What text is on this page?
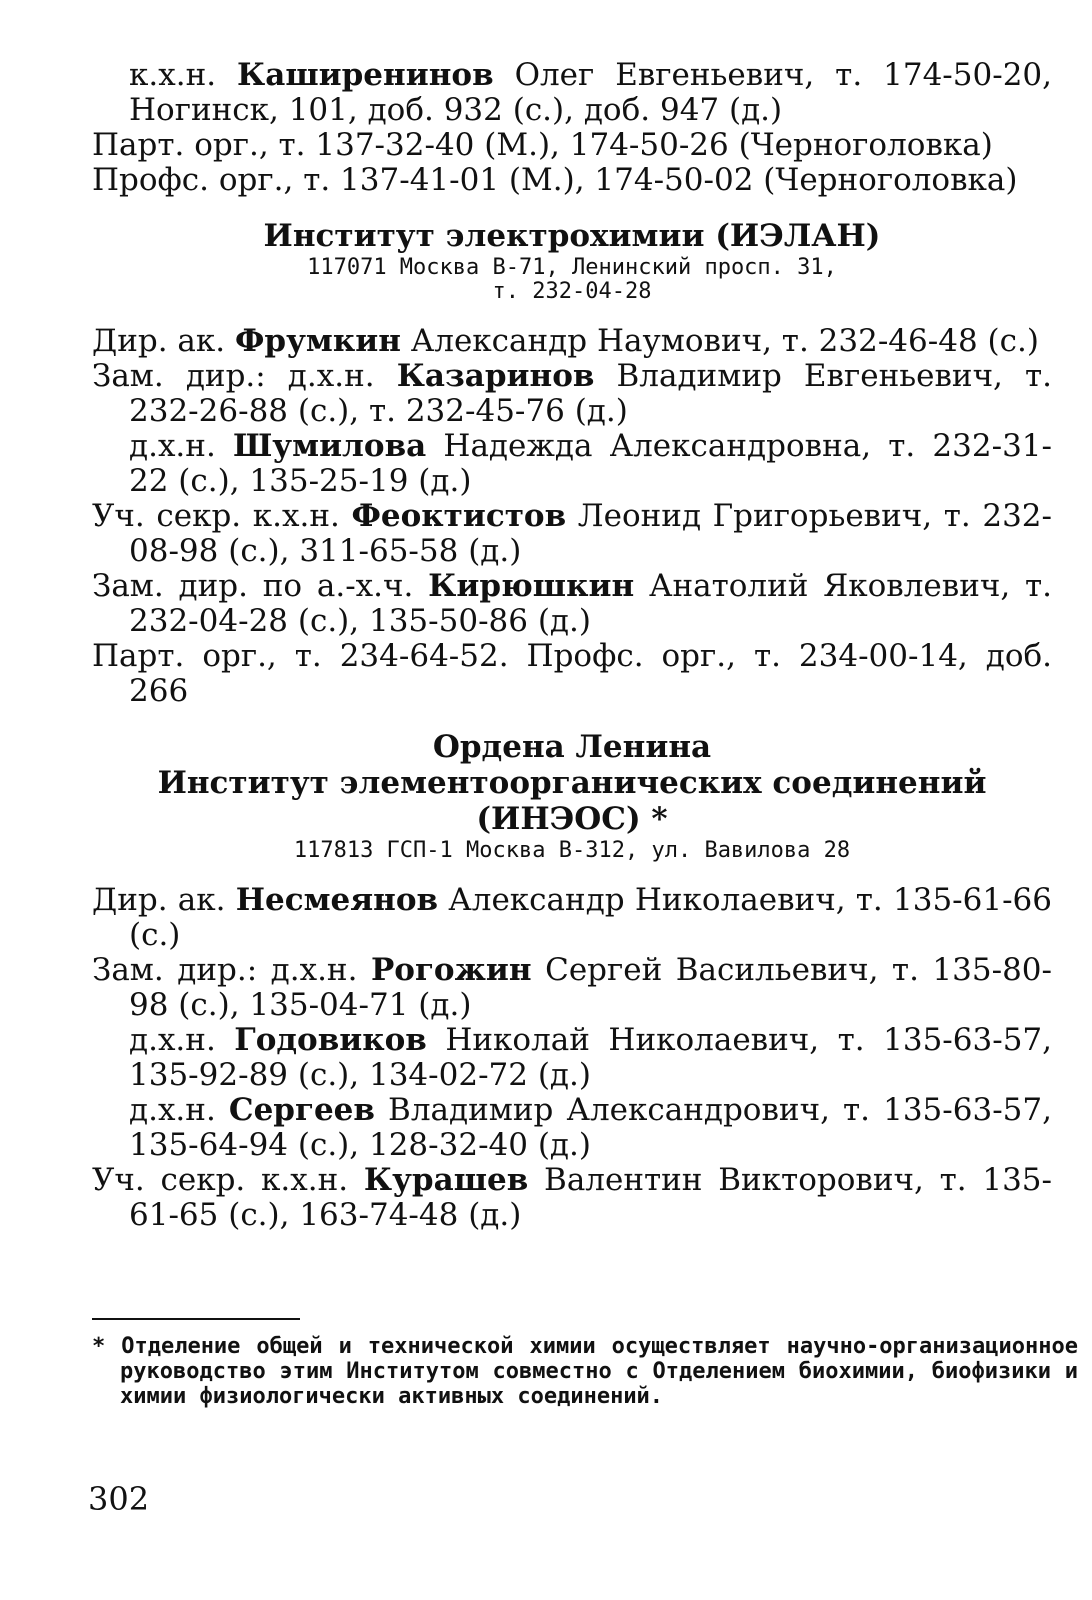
к.х.н. Каширенинов Олег Евгеньевич, т. 174-50-20, Ногинск, 101, доб. 932 (с.), доб. 947 (д.)
Парт. орг., т. 137-32-40 (М.), 174-50-26 (Черноголовка)
Профс. орг., т. 137-41-01 (М.), 174-50-02 (Черноголовка)
Институт электрохимии (ИЭЛАН)
117071 Москва В-71, Ленинский просп. 31,
т. 232-04-28
Дир. ак. Фрумкин Александр Наумович, т. 232-46-48 (с.)
Зам. дир.: д.х.н. Казаринов Владимир Евгеньевич, т. 232-26-88 (с.), т. 232-45-76 (д.)
д.х.н. Шумилова Надежда Александровна, т. 232-31-22 (с.), 135-25-19 (д.)
Уч. секр. к.х.н. Феоктистов Леонид Григорьевич, т. 232-08-98 (с.), 311-65-58 (д.)
Зам. дир. по а.-х.ч. Кирюшкин Анатолий Яковлевич, т. 232-04-28 (с.), 135-50-86 (д.)
Парт. орг., т. 234-64-52. Профс. орг., т. 234-00-14, доб. 266
Ордена Ленина
Институт элементоорганических соединений (ИНЭОС) *
117813 ГСП-1 Москва В-312, ул. Вавилова 28
Дир. ак. Несмеянов Александр Николаевич, т. 135-61-66 (с.)
Зам. дир.: д.х.н. Рогожин Сергей Васильевич, т. 135-80-98 (с.), 135-04-71 (д.)
д.х.н. Годовиков Николай Николаевич, т. 135-63-57, 135-92-89 (с.), 134-02-72 (д.)
д.х.н. Сергеев Владимир Александрович, т. 135-63-57, 135-64-94 (с.), 128-32-40 (д.)
Уч. секр. к.х.н. Курашев Валентин Викторович, т. 135-61-65 (с.), 163-74-48 (д.)
* Отделение общей и технической химии осуществляет научно-организационное руководство этим Институтом совместно с Отделением биохимии, биофизики и химии физиологически активных соединений.
302
